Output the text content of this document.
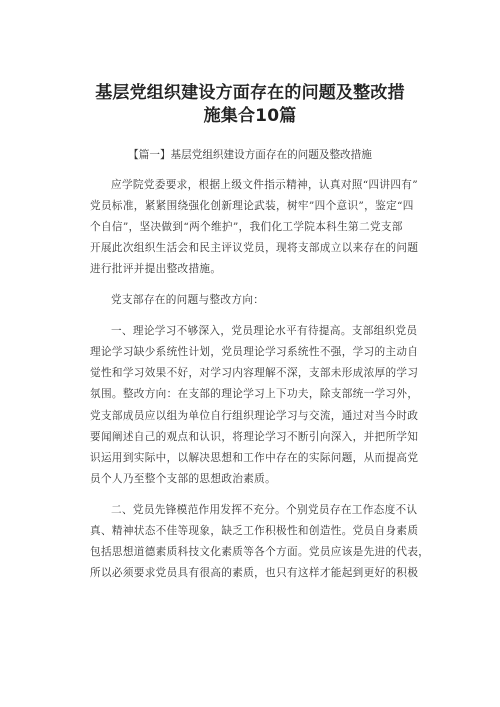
基层党组织建设方面存在的问题及整改措
施集合10篇
【篇一】基层党组织建设方面存在的问题及整改措施
应学院党委要求，根据上级文件指示精神，认真对照“四讲四有”
党员标准，紧紧围绕强化创新理论武装，树牢”四个意识”，鉴定“四
个自信”，坚决做到“两个维护”，我们化工学院本科生第二党支部
开展此次组织生活会和民主评议党员，现将支部成立以来存在的问题
进行批评并提出整改措施。
党支部存在的问题与整改方向：
一、理论学习不够深入，党员理论水平有待提高。支部组织党员
理论学习缺少系统性计划，党员理论学习系统性不强，学习的主动自
觉性和学习效果不好，对学习内容理解不深，支部未形成浓厚的学习
氛围。整改方向：在支部的理论学习上下功夫，除支部统一学习外，
党支部成员应以组为单位自行组织理论学习与交流，通过对当今时政
要闻阐述自己的观点和认识，将理论学习不断引向深入，并把所学知
识运用到实际中，以解决思想和工作中存在的实际问题，从而提高党
员个人乃至整个支部的思想政治素质。
二、党员先锋模范作用发挥不充分。个别党员存在工作态度不认
真、精神状态不佳等现象，缺乏工作积极性和创造性。党员自身素质
包括思想道德素质科技文化素质等各个方面。党员应该是先进的代表，
所以必须要求党员具有很高的素质，也只有这样才能起到更好的积极
